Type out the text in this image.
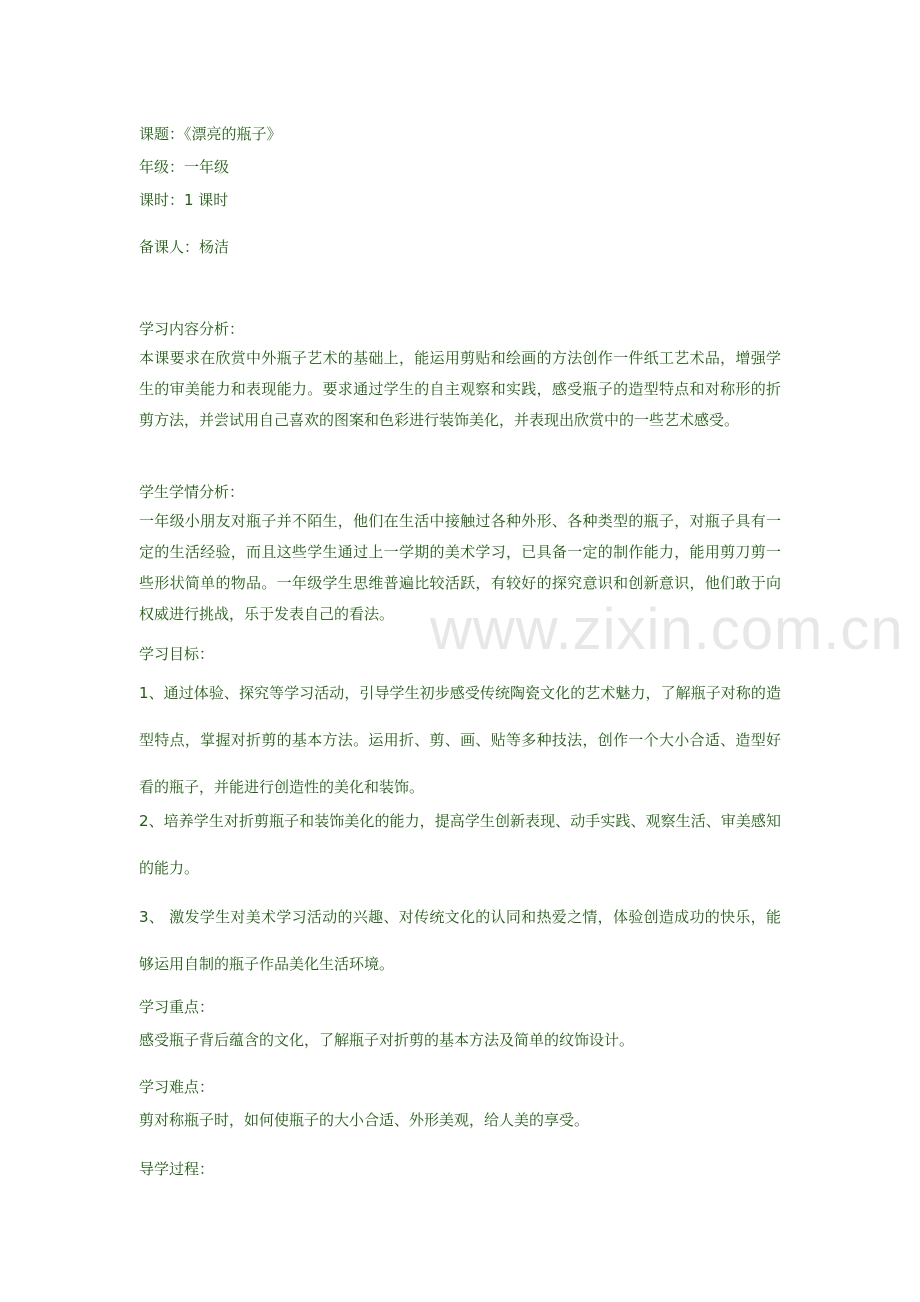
课题：《漂亮的瓶子》
年级：一年级
课时：1 课时
备课人：杨洁
学习内容分析：
本课要求在欣赏中外瓶子艺术的基础上，能运用剪贴和绘画的方法创作一件纸工艺术品，增强学生的审美能力和表现能力。要求通过学生的自主观察和实践，感受瓶子的造型特点和对称形的折剪方法，并尝试用自己喜欢的图案和色彩进行装饰美化，并表现出欣赏中的一些艺术感受。
学生学情分析：
一年级小朋友对瓶子并不陌生，他们在生活中接触过各种外形、各种类型的瓶子，对瓶子具有一定的生活经验，而且这些学生通过上一学期的美术学习，已具备一定的制作能力，能用剪刀剪一些形状简单的物品。一年级学生思维普遍比较活跃，有较好的探究意识和创新意识，他们敢于向权威进行挑战，乐于发表自己的看法。
学习目标：
1、通过体验、探究等学习活动，引导学生初步感受传统陶瓷文化的艺术魅力，了解瓶子对称的造型特点，掌握对折剪的基本方法。运用折、剪、画、贴等多种技法，创作一个大小合适、造型好看的瓶子，并能进行创造性的美化和装饰。
2、培养学生对折剪瓶子和装饰美化的能力，提高学生创新表现、动手实践、观察生活、审美感知的能力。
3、 激发学生对美术学习活动的兴趣、对传统文化的认同和热爱之情，体验创造成功的快乐，能够运用自制的瓶子作品美化生活环境。
学习重点：
感受瓶子背后蕴含的文化，了解瓶子对折剪的基本方法及简单的纹饰设计。
学习难点：
剪对称瓶子时，如何使瓶子的大小合适、外形美观，给人美的享受。
导学过程：
www.zixin.com.cn
